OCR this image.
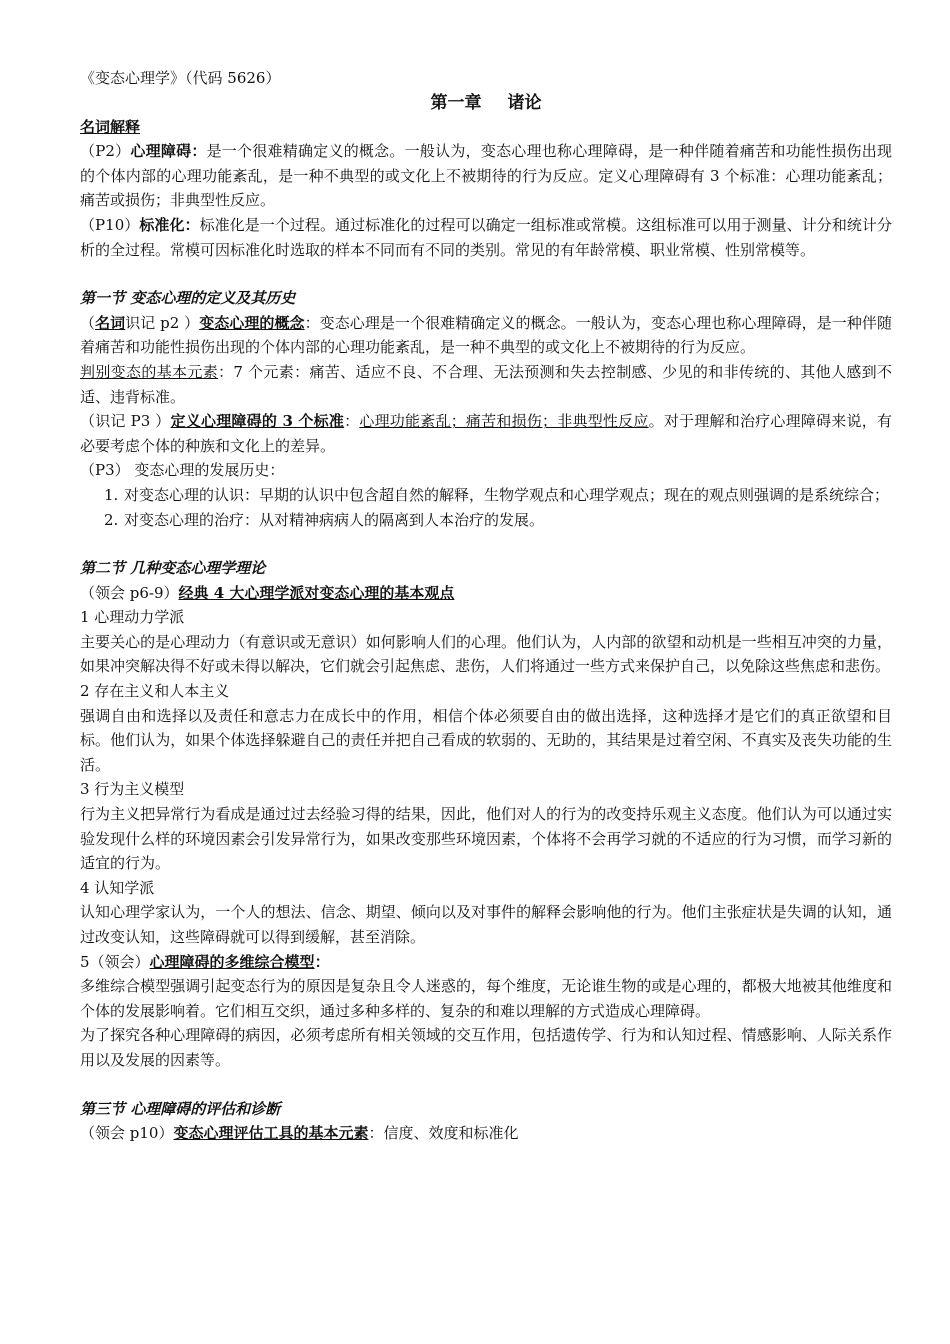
《变态心理学》（代码 5626）

第一章 诸论

名词解释

（P2）心理障碍：是一个很难精确定义的概念。一般认为，变态心理也称心理障碍，是一种伴随着痛苦和功能性损伤出现的个体内部的心理功能紊乱，是一种不典型的或文化上不被期待的行为反应。定义心理障碍有 3 个标准：心理功能紊乱；痛苦或损伤；非典型性反应。

（P10）标准化：标准化是一个过程。通过标准化的过程可以确定一组标准或常模。这组标准可以用于测量、计分和统计分析的全过程。常模可因标准化时选取的样本不同而有不同的类别。常见的有年龄常模、职业常模、性别常模等。

第一节 变态心理的定义及其历史

（名词识记 p2 ）变态心理的概念：变态心理是一个很难精确定义的概念。一般认为，变态心理也称心理障碍，是一种伴随着痛苦和功能性损伤出现的个体内部的心理功能紊乱，是一种不典型的或文化上不被期待的行为反应。

判别变态的基本元素：7 个元素：痛苦、适应不良、不合理、无法预测和失去控制感、少见的和非传统的、其他人感到不适、违背标准。

（识记 P3 ）定义心理障碍的 3 个标准：心理功能紊乱；痛苦和损伤；非典型性反应。对于理解和治疗心理障碍来说，有必要考虑个体的种族和文化上的差异。

（P3） 变态心理的发展历史：

1. 对变态心理的认识：早期的认识中包含超自然的解释，生物学观点和心理学观点；现在的观点则强调的是系统综合；
2. 对变态心理的治疗：从对精神病病人的隔离到人本治疗的发展。

第二节 几种变态心理学理论

（领会 p6-9）经典 4 大心理学派对变态心理的基本观点

1 心理动力学派

主要关心的是心理动力（有意识或无意识）如何影响人们的心理。他们认为，人内部的欲望和动机是一些相互冲突的力量，如果冲突解决得不好或未得以解决，它们就会引起焦虑、悲伤，人们将通过一些方式来保护自己，以免除这些焦虑和悲伤。

2 存在主义和人本主义

强调自由和选择以及责任和意志力在成长中的作用，相信个体必须要自由的做出选择，这种选择才是它们的真正欲望和目标。他们认为，如果个体选择躲避自己的责任并把自己看成的软弱的、无助的，其结果是过着空闲、不真实及丧失功能的生活。

3 行为主义模型

行为主义把异常行为看成是通过过去经验习得的结果，因此，他们对人的行为的改变持乐观主义态度。他们认为可以通过实验发现什么样的环境因素会引发异常行为，如果改变那些环境因素，个体将不会再学习就的不适应的行为习惯，而学习新的适宜的行为。

4 认知学派

认知心理学家认为，一个人的想法、信念、期望、倾向以及对事件的解释会影响他的行为。他们主张症状是失调的认知，通过改变认知，这些障碍就可以得到缓解，甚至消除。

5（领会）心理障碍的多维综合模型：

多维综合模型强调引起变态行为的原因是复杂且令人迷惑的，每个维度，无论谁生物的或是心理的，都极大地被其他维度和个体的发展影响着。它们相互交织，通过多种多样的、复杂的和难以理解的方式造成心理障碍。

为了探究各种心理障碍的病因，必须考虑所有相关领域的交互作用，包括遗传学、行为和认知过程、情感影响、人际关系作用以及发展的因素等。

第三节 心理障碍的评估和诊断

（领会 p10）变态心理评估工具的基本元素：信度、效度和标准化
